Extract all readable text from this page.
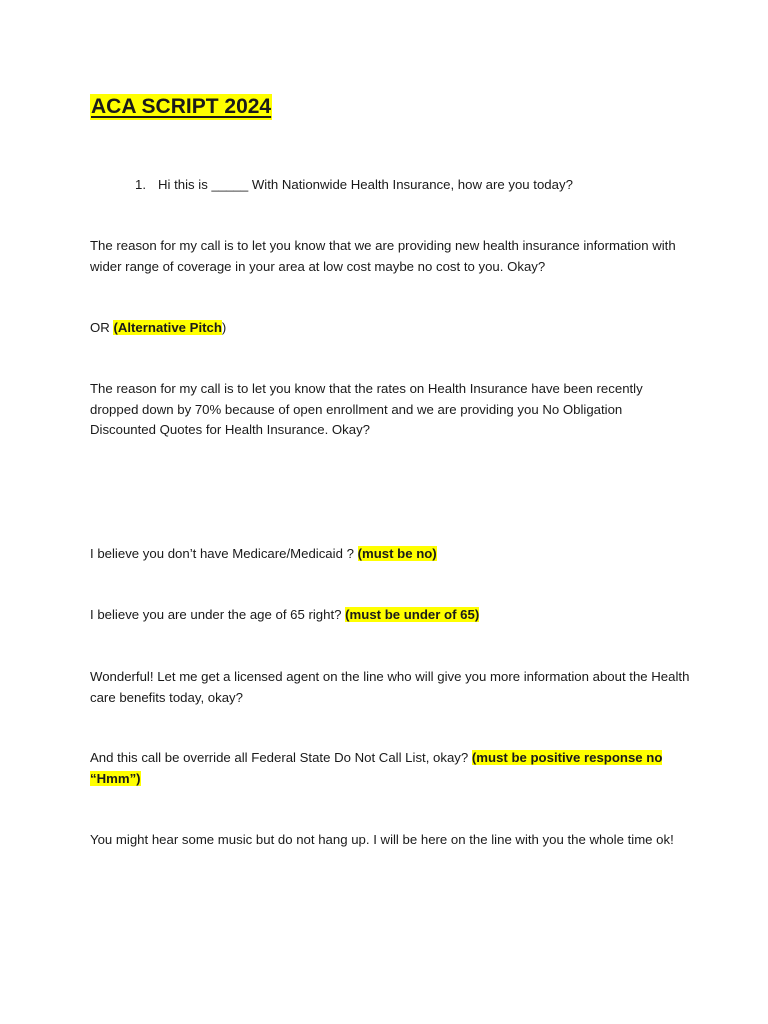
ACA SCRIPT 2024
1. Hi this is _____ With Nationwide Health Insurance, how are you today?

The reason for my call is to let you know that we are providing new health insurance information with wider range of coverage in your area at low cost maybe no cost to you. Okay?

OR (Alternative Pitch)

The reason for my call is to let you know that the rates on Health Insurance have been recently dropped down by 70% because of open enrollment and we are providing you No Obligation Discounted Quotes for Health Insurance. Okay?

I believe you don’t have Medicare/Medicaid ? (must be no)

I believe you are under the age of 65 right? (must be under of 65)

Wonderful! Let me get a licensed agent on the line who will give you more information about the Health care benefits today, okay?

And this call be override all Federal State Do Not Call List, okay? (must be positive response no “Hmm”)

You might hear some music but do not hang up. I will be here on the line with you the whole time ok!
